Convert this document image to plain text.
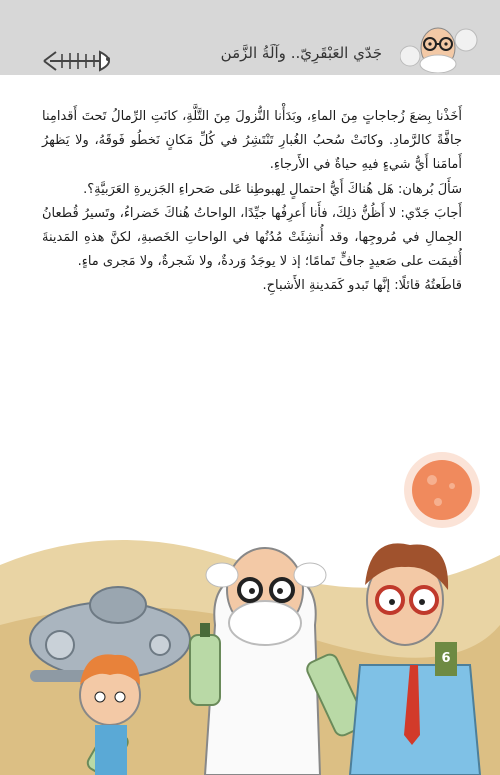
جَدّي العَبْقَرِيّ.. وآلَةُ الزَّمَن

أَخَذْنا بِضعَ زُجاجاتٍ مِنَ الماءِ، وبَدَأْنا النُّزولَ مِنَ التَّلَّةِ، كانَتِ الرِّمالُ تَحتَ أَقدامِنا جافَّةً كالرَّمادِ. وكانَتْ سُحبُ الغُبارِ تَنْتَشِرُ في كُلِّ مَكانٍ نَخطُو فَوقَهُ، ولا يَظهرُ أَمامَنا أَيُّ شيءٍ فيهِ حياةٌ في الأَرجاءِ.

سَأَلَ بُرهان: هَل هُناكَ أَيُّ احتمالٍ لِهبوطِنا عَلى صَحراءِ الجَزيرةِ العَرَبيَّةِ؟.

أَجابَ جَدّي: لا أَظُنُّ ذلِكَ، فأَنا أَعرِفُها جيِّدًا، الواحاتُ هُناكَ خَضراءُ، وتَسيرُ قُطعانُ الجِمالِ في مُروجِها، وقد أُنشِئَتْ مُدُنُها في الواحاتِ الخَصبةِ، لكنَّ هذهِ المَدينةَ أُقيمَت على صَعيدٍ جافٍّ تَمامًا؛ إذ لا يوجَدُ وَردةٌ، ولا شَجرةٌ، ولا مَجرى ماءٍ.

قاطَعتُهُ قائلًا: إنَّها تَبدو كَمَدينةِ الأَشباحِ.

6
